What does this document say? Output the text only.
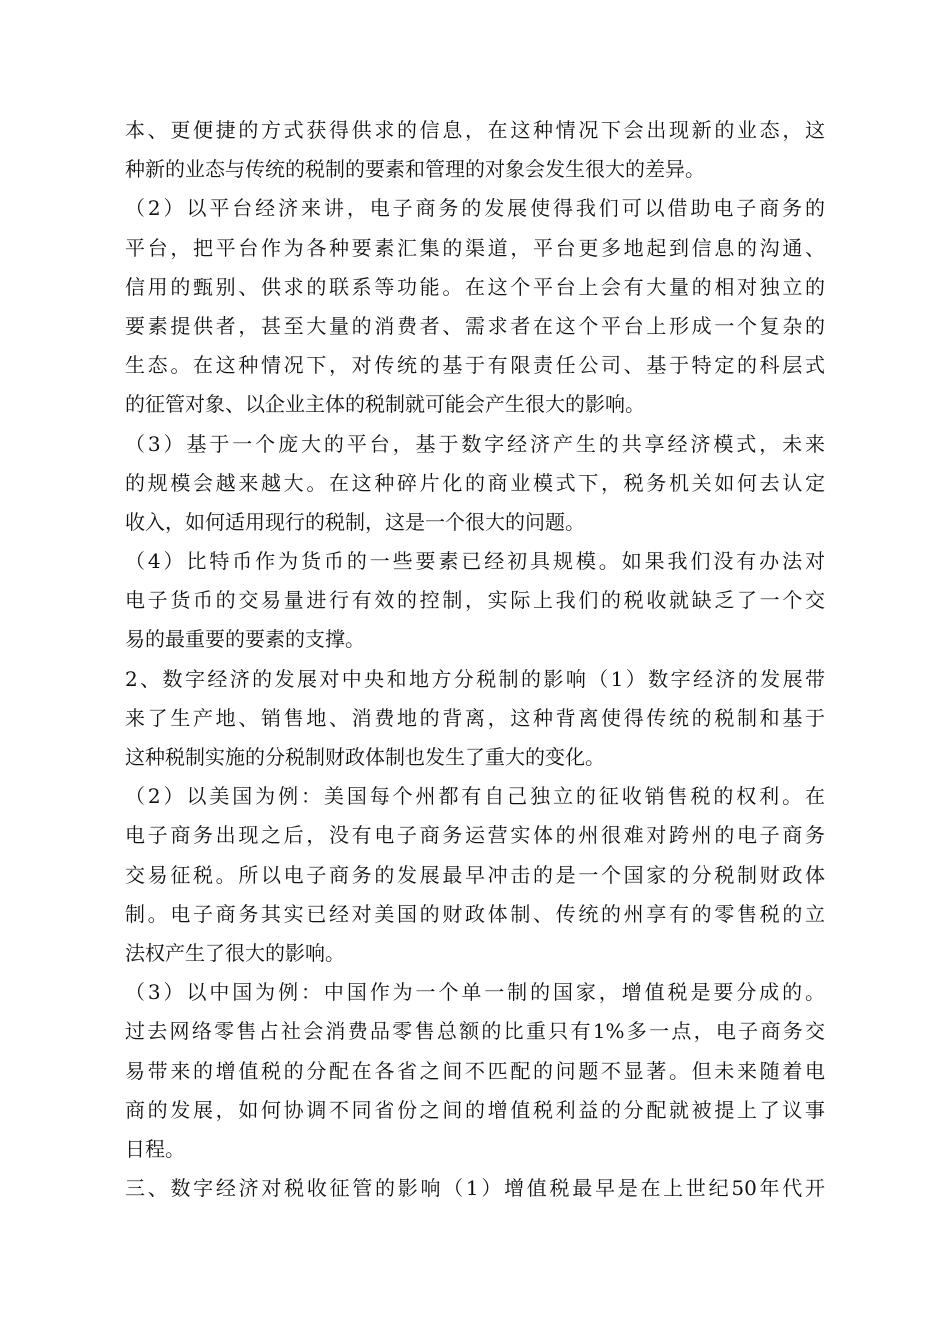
本、更便捷的方式获得供求的信息，在这种情况下会出现新的业态，这
种新的业态与传统的税制的要素和管理的对象会发生很大的差异。
（2）以平台经济来讲，电子商务的发展使得我们可以借助电子商务的
平台，把平台作为各种要素汇集的渠道，平台更多地起到信息的沟通、
信用的甄别、供求的联系等功能。在这个平台上会有大量的相对独立的
要素提供者，甚至大量的消费者、需求者在这个平台上形成一个复杂的
生态。在这种情况下，对传统的基于有限责任公司、基于特定的科层式
的征管对象、以企业主体的税制就可能会产生很大的影响。
（3）基于一个庞大的平台，基于数字经济产生的共享经济模式，未来
的规模会越来越大。在这种碎片化的商业模式下，税务机关如何去认定
收入，如何适用现行的税制，这是一个很大的问题。
（4）比特币作为货币的一些要素已经初具规模。如果我们没有办法对
电子货币的交易量进行有效的控制，实际上我们的税收就缺乏了一个交
易的最重要的要素的支撑。
2、数字经济的发展对中央和地方分税制的影响（1）数字经济的发展带
来了生产地、销售地、消费地的背离，这种背离使得传统的税制和基于
这种税制实施的分税制财政体制也发生了重大的变化。
（2）以美国为例：美国每个州都有自己独立的征收销售税的权利。在
电子商务出现之后，没有电子商务运营实体的州很难对跨州的电子商务
交易征税。所以电子商务的发展最早冲击的是一个国家的分税制财政体
制。电子商务其实已经对美国的财政体制、传统的州享有的零售税的立
法权产生了很大的影响。
（3）以中国为例：中国作为一个单一制的国家，增值税是要分成的。
过去网络零售占社会消费品零售总额的比重只有1%多一点，电子商务交
易带来的增值税的分配在各省之间不匹配的问题不显著。但未来随着电
商的发展，如何协调不同省份之间的增值税利益的分配就被提上了议事
日程。
三、数字经济对税收征管的影响（1）增值税最早是在上世纪50年代开
